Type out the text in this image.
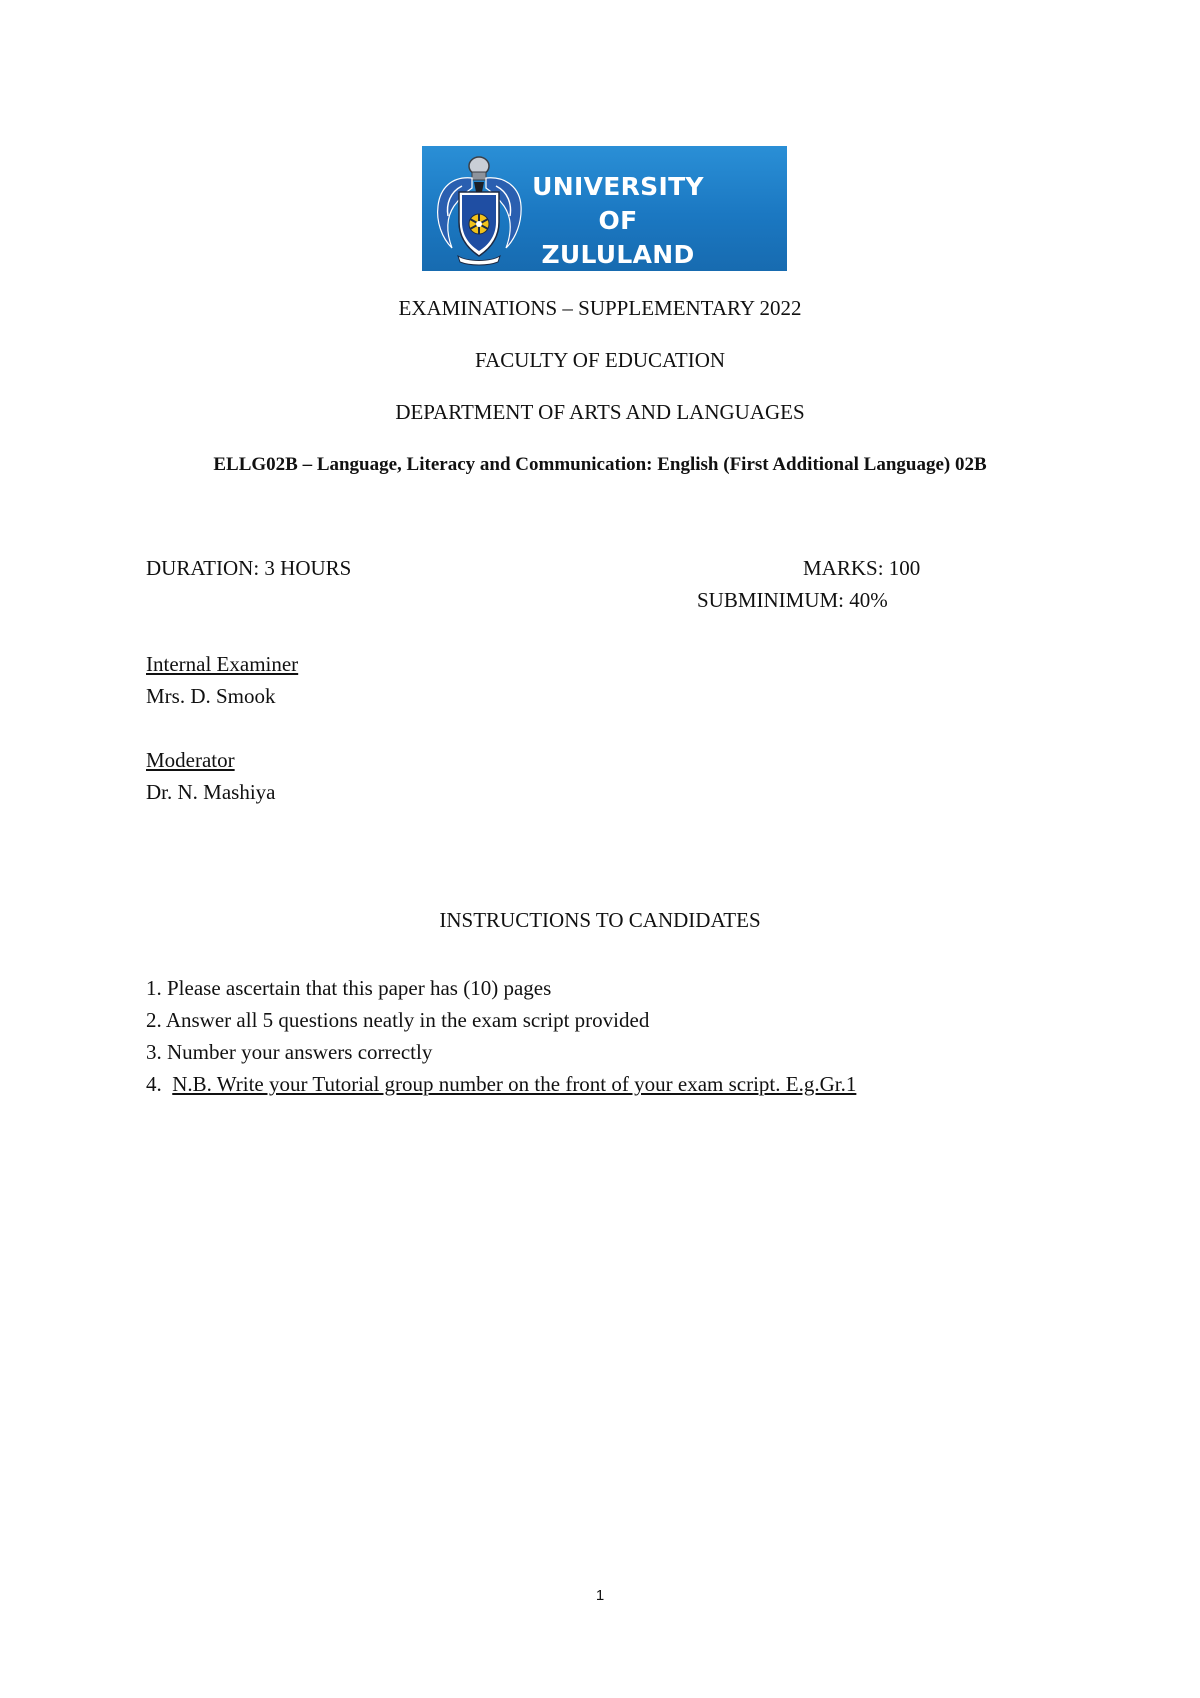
UNIVERSITY OF
ZULULAND
EXAMINATIONS – SUPPLEMENTARY 2022
FACULTY OF EDUCATION
DEPARTMENT OF ARTS AND LANGUAGES
ELLG02B – Language, Literacy and Communication: English (First Additional Language) 02B
DURATION: 3 HOURS	MARKS: 100
SUBMINIMUM: 40%
Internal Examiner
Mrs. D. Smook
Moderator
Dr. N. Mashiya
INSTRUCTIONS TO CANDIDATES
1. Please ascertain that this paper has (10) pages
2. Answer all 5 questions neatly in the exam script provided
3. Number your answers correctly
4. N.B. Write your Tutorial group number on the front of your exam script. E.g.Gr.1
1
